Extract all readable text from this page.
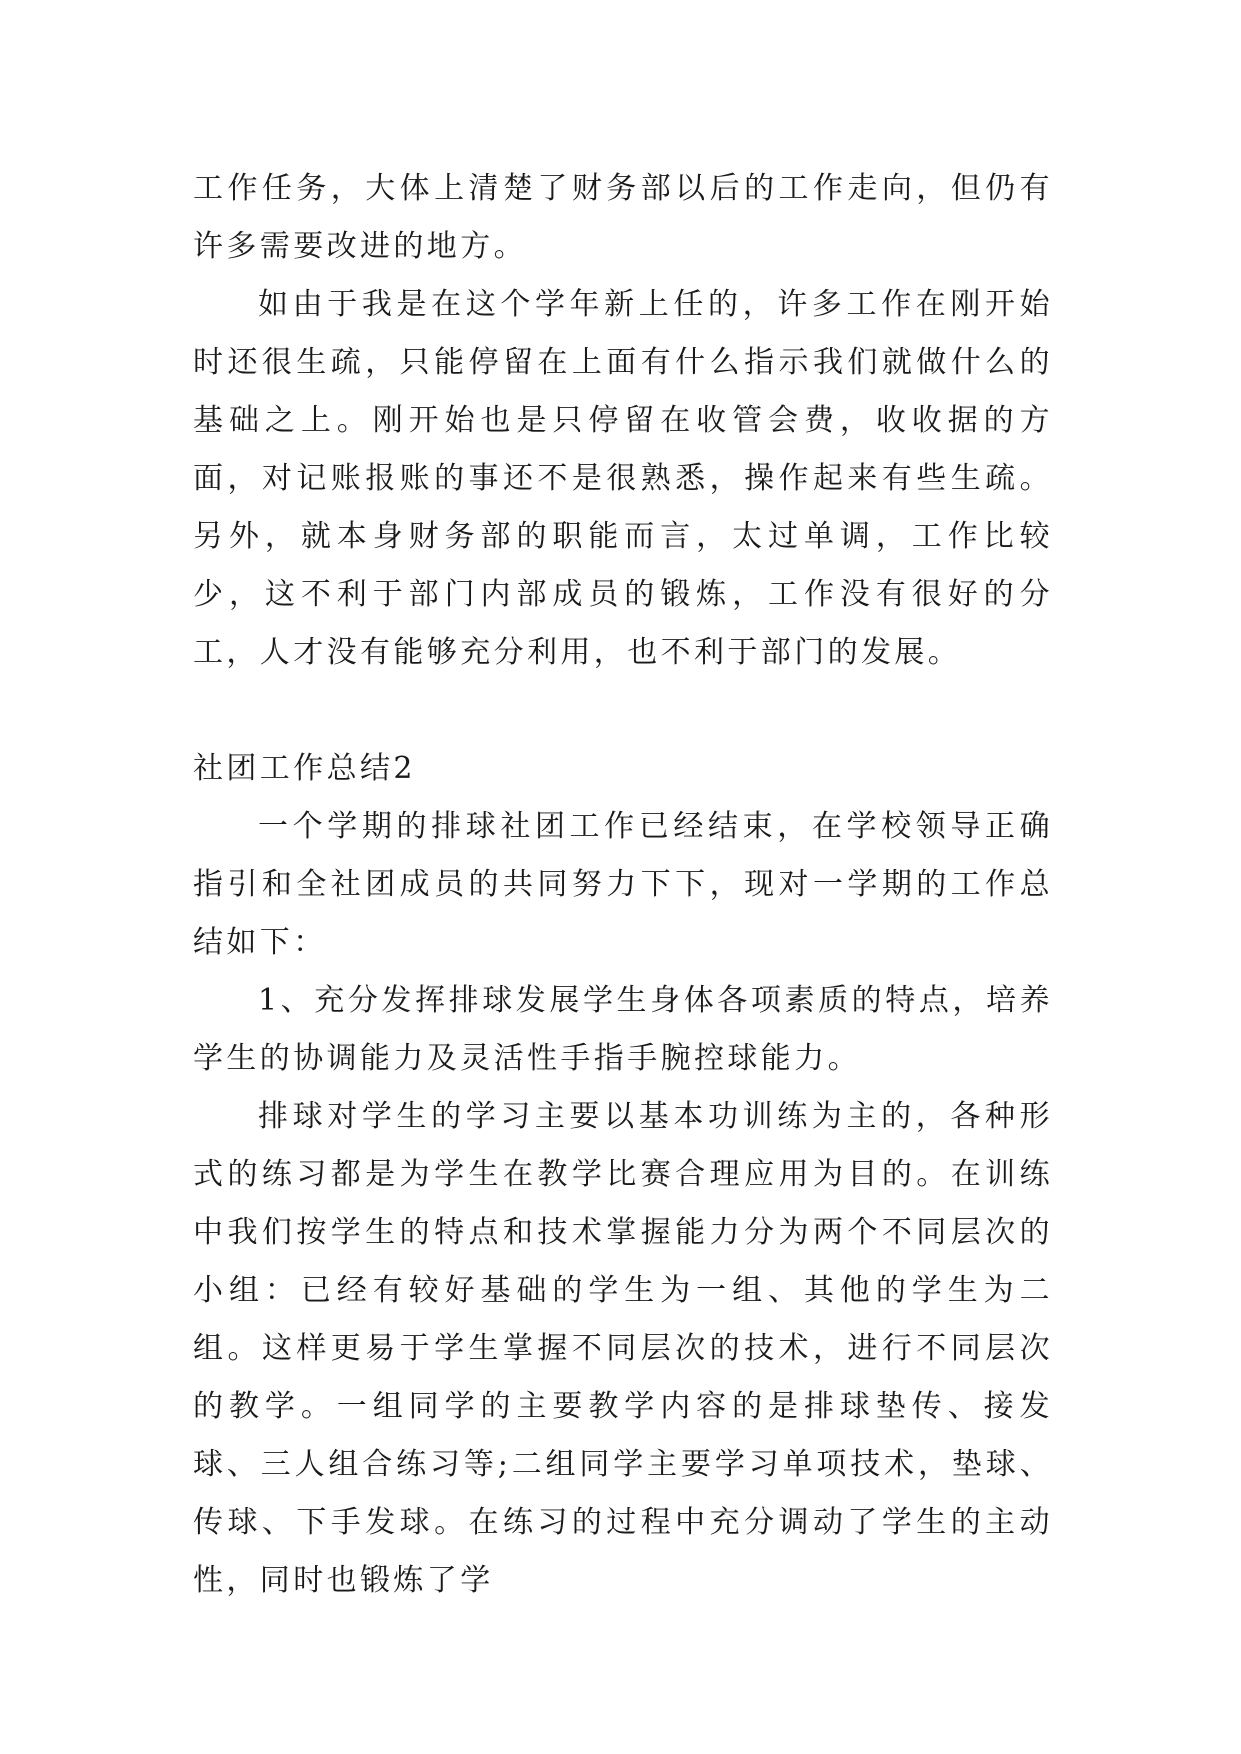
工作任务，大体上清楚了财务部以后的工作走向，但仍有许多需要改进的地方。

如由于我是在这个学年新上任的，许多工作在刚开始时还很生疏，只能停留在上面有什么指示我们就做什么的基础之上。刚开始也是只停留在收管会费，收收据的方面，对记账报账的事还不是很熟悉，操作起来有些生疏。另外，就本身财务部的职能而言，太过单调，工作比较少，这不利于部门内部成员的锻炼，工作没有很好的分工，人才没有能够充分利用，也不利于部门的发展。

社团工作总结2

一个学期的排球社团工作已经结束，在学校领导正确指引和全社团成员的共同努力下下，现对一学期的工作总结如下：

1、充分发挥排球发展学生身体各项素质的特点，培养学生的协调能力及灵活性手指手腕控球能力。

排球对学生的学习主要以基本功训练为主的，各种形式的练习都是为学生在教学比赛合理应用为目的。在训练中我们按学生的特点和技术掌握能力分为两个不同层次的小组：已经有较好基础的学生为一组、其他的学生为二组。这样更易于学生掌握不同层次的技术，进行不同层次的教学。一组同学的主要教学内容的是排球垫传、接发球、三人组合练习等;二组同学主要学习单项技术，垫球、传球、下手发球。在练习的过程中充分调动了学生的主动性，同时也锻炼了学
